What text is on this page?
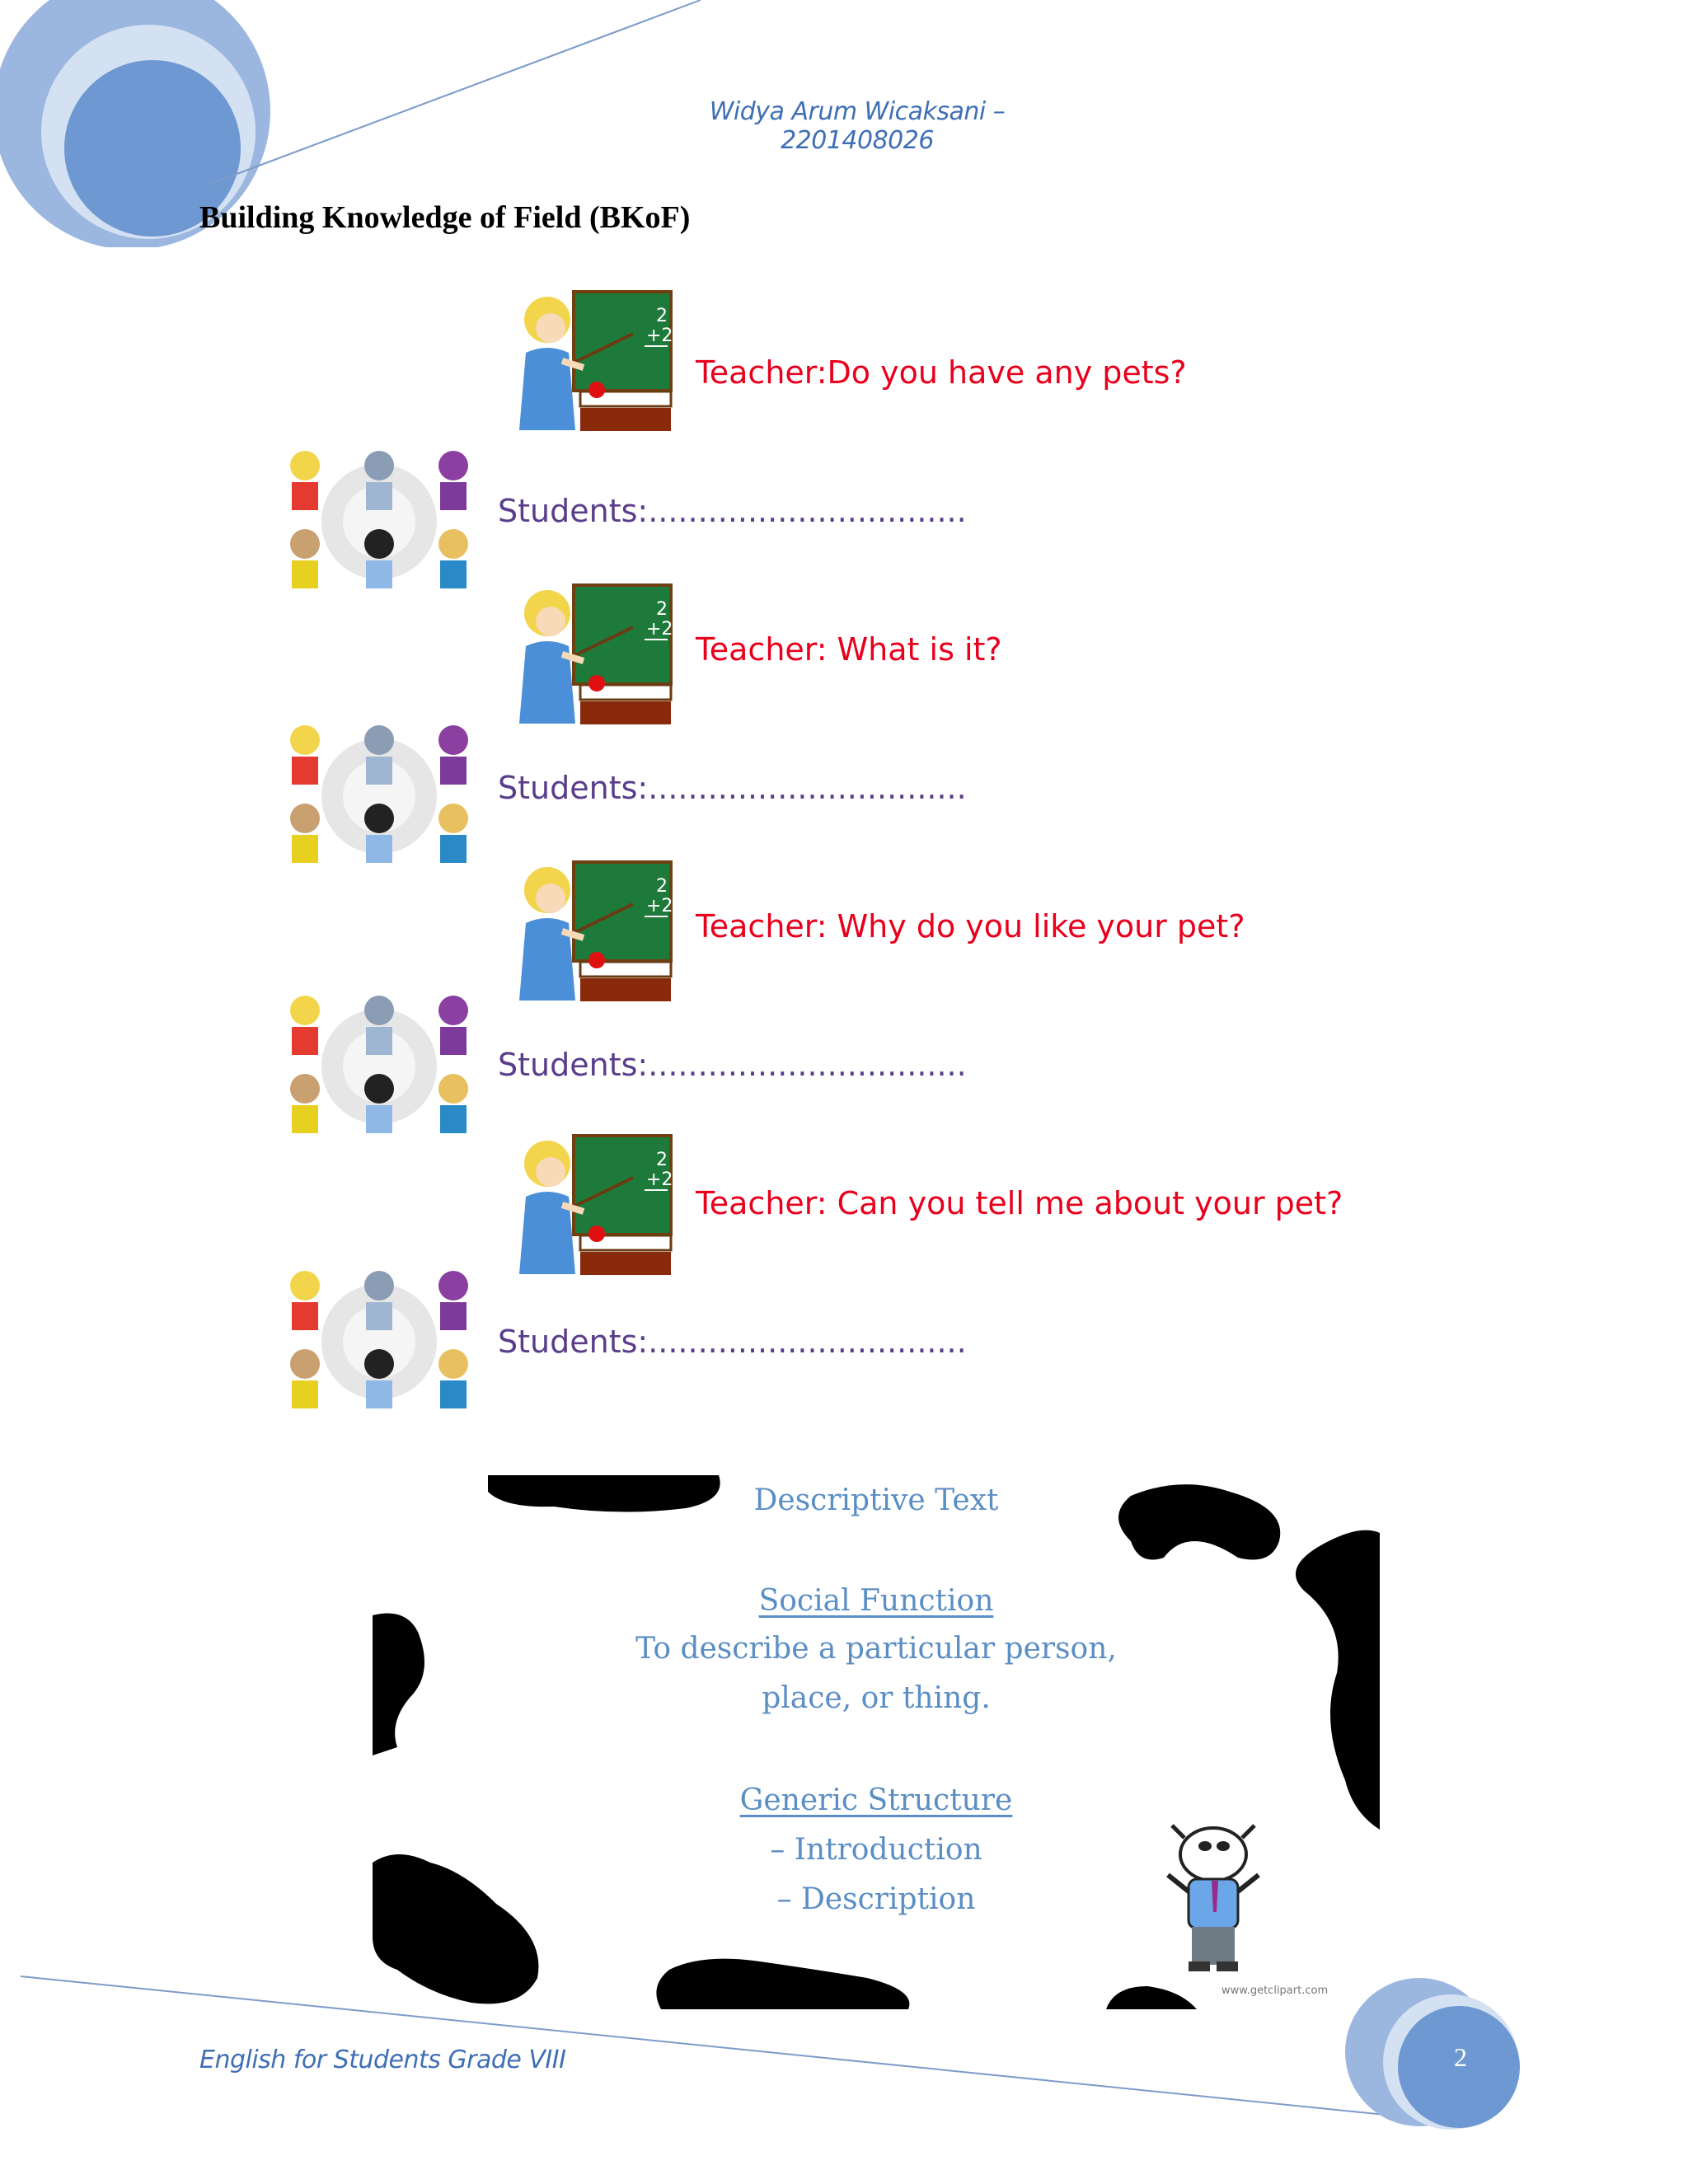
Widya Arum Wicaksani – 2201408026
Building Knowledge of Field (BKoF)
2
+2
Teacher:Do you have any pets?
Students:................................
2
+2
Teacher: What is it?
Students:................................
2
+2
Teacher: Why do you like your pet?
Students:................................
2
+2
Teacher: Can you tell me about your pet?
Students:................................
Descriptive Text
Social Function
To describe a particular person,
place, or thing.
Generic Structure
– Introduction
– Description
www.getclipart.com
English for Students Grade VIII	2
